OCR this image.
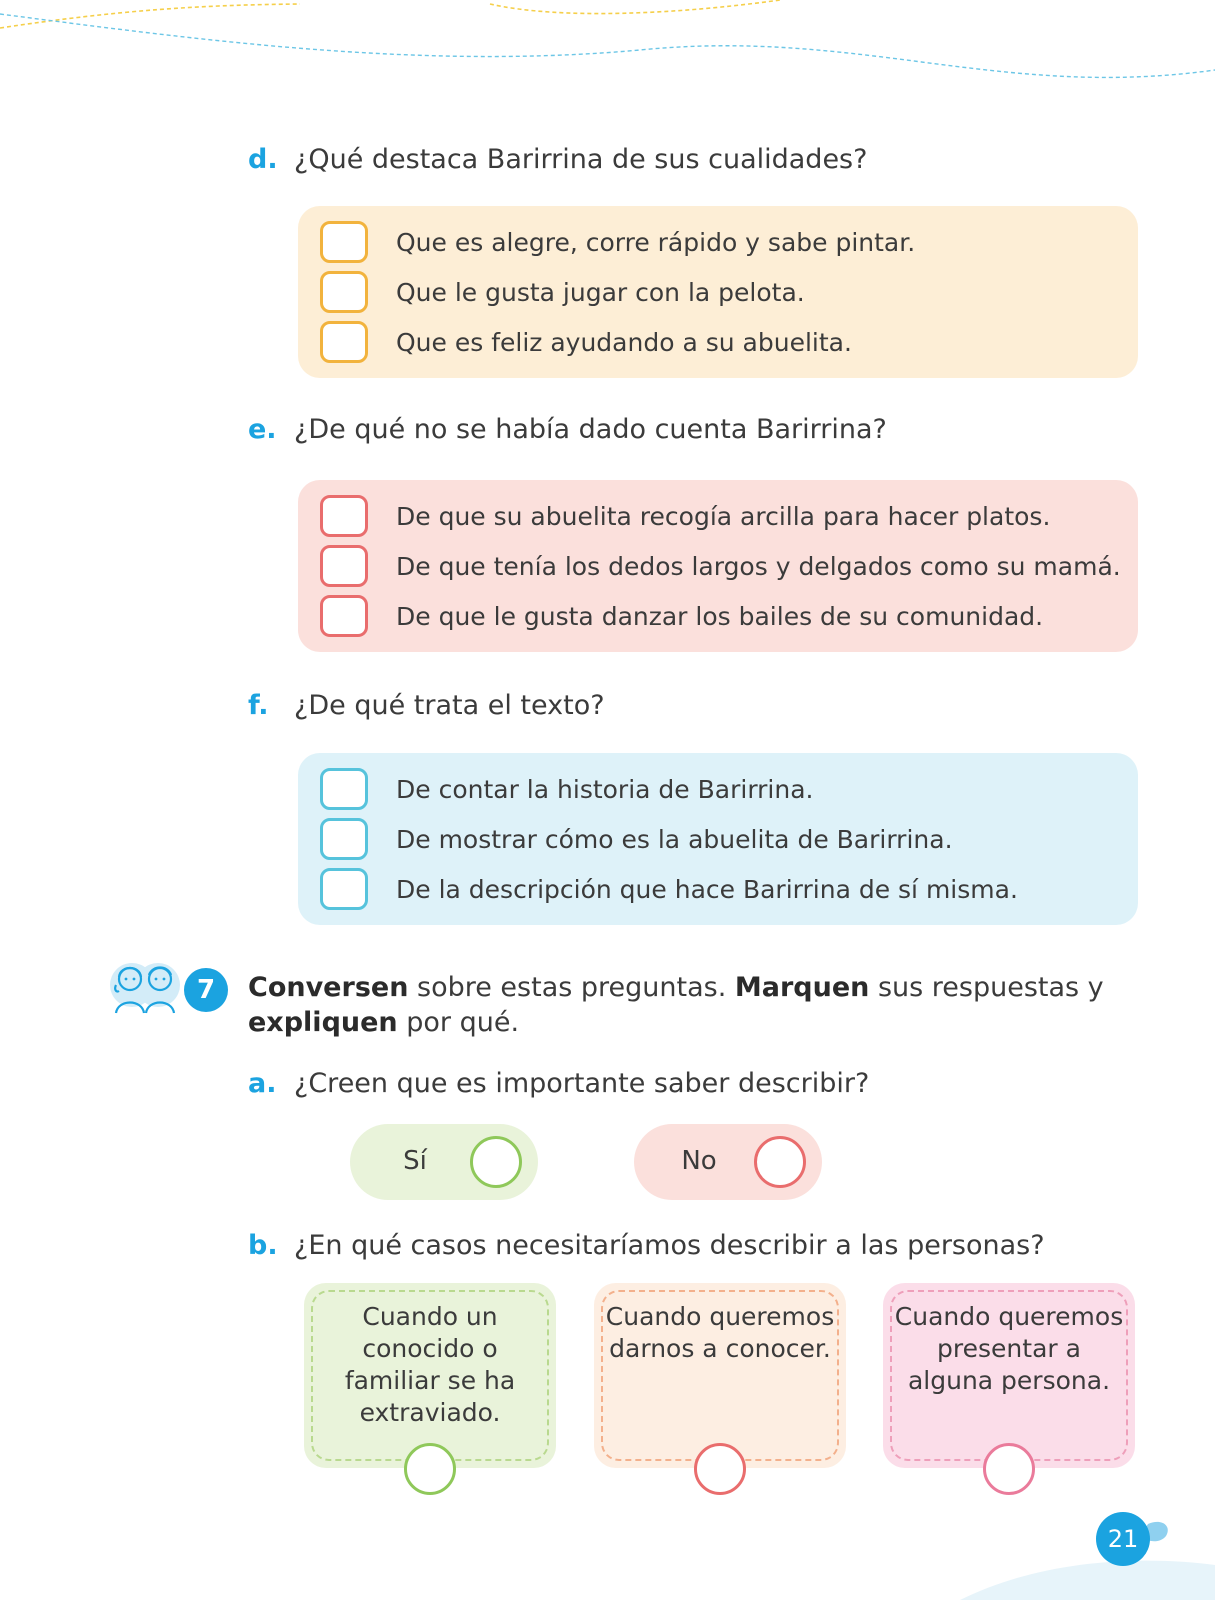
d. ¿Qué destaca Barirrina de sus cualidades?
Que es alegre, corre rápido y sabe pintar.
Que le gusta jugar con la pelota.
Que es feliz ayudando a su abuelita.
e. ¿De qué no se había dado cuenta Barirrina?
De que su abuelita recogía arcilla para hacer platos.
De que tenía los dedos largos y delgados como su mamá.
De que le gusta danzar los bailes de su comunidad.
f. ¿De qué trata el texto?
De contar la historia de Barirrina.
De mostrar cómo es la abuelita de Barirrina.
De la descripción que hace Barirrina de sí misma.
7	Conversen sobre estas preguntas. Marquen sus respuestas y expliquen por qué.
a. ¿Creen que es importante saber describir?
Sí	No
b. ¿En qué casos necesitaríamos describir a las personas?
Cuando un conocido o familiar se ha extraviado.
Cuando queremos darnos a conocer.
Cuando queremos presentar a alguna persona.
21
